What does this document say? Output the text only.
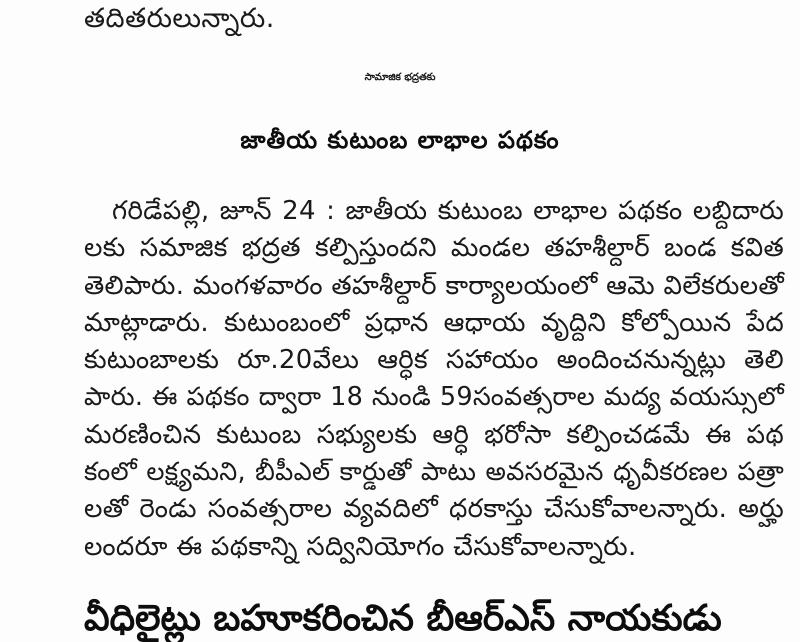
తదితరులున్నారు.
సామాజిక భద్రతకు
జాతీయ కుటుంబ లాభాల పథకం
గరిడేపల్లి, జూన్ 24 : జాతీయ కుటుంబ లాభాల పథకం లబ్దిదారు
లకు సమాజిక భద్రత కల్పిస్తుందని మండల తహశీల్దార్ బండ కవిత
తెలిపారు. మంగళవారం తహశీల్దార్ కార్యాలయంలో ఆమె విలేకరులతో
మాట్లాడారు. కుటుంబంలో ప్రధాన ఆధాయ వృద్దిని కోల్పోయిన పేద
కుటుంబాలకు రూ.20వేలు ఆర్ధిక సహాయం అందించనున్నట్లు తెలి
పారు. ఈ పథకం ద్వారా 18 నుండి 59సంవత్సరాల మద్య వయస్సులో
మరణించిన కుటుంబ సభ్యులకు ఆర్ధి భరోసా కల్పించడమే ఈ పథ
కంలో లక్ష్యమని, బీపీఎల్ కార్డుతో పాటు అవసరమైన ధృవీకరణల పత్రా
లతో రెండు సంవత్సరాల వ్యవదిలో ధరకాస్తు చేసుకోవాలన్నారు. అర్హు
లందరూ ఈ పథకాన్ని సద్వినియోగం చేసుకోవాలన్నారు.
వీధిలైట్లు బహూకరించిన బీఆర్ఎస్ నాయకుడు
